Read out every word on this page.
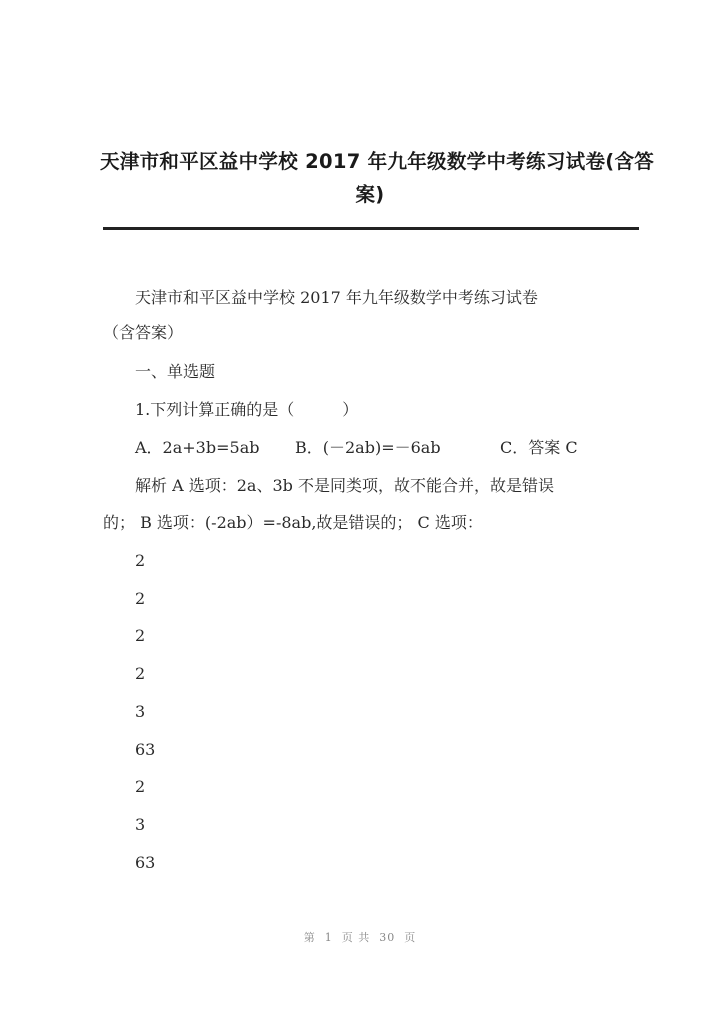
天津市和平区益中学校 2017 年九年级数学中考练习试卷(含答
案)
天津市和平区益中学校 2017 年九年级数学中考练习试卷
（含答案）
一、单选题
1.下列计算正确的是（　　　）
A．2a+3b=5ab B．(－2ab)=－6ab	C．答案 C
解析 A 选项：2a、3b 不是同类项，故不能合并，故是错误
的； B 选项：(-2ab）=-8ab,故是错误的； C 选项：
2
2
2
2
3
63
2
3
63
第  1  页 共  30  页
